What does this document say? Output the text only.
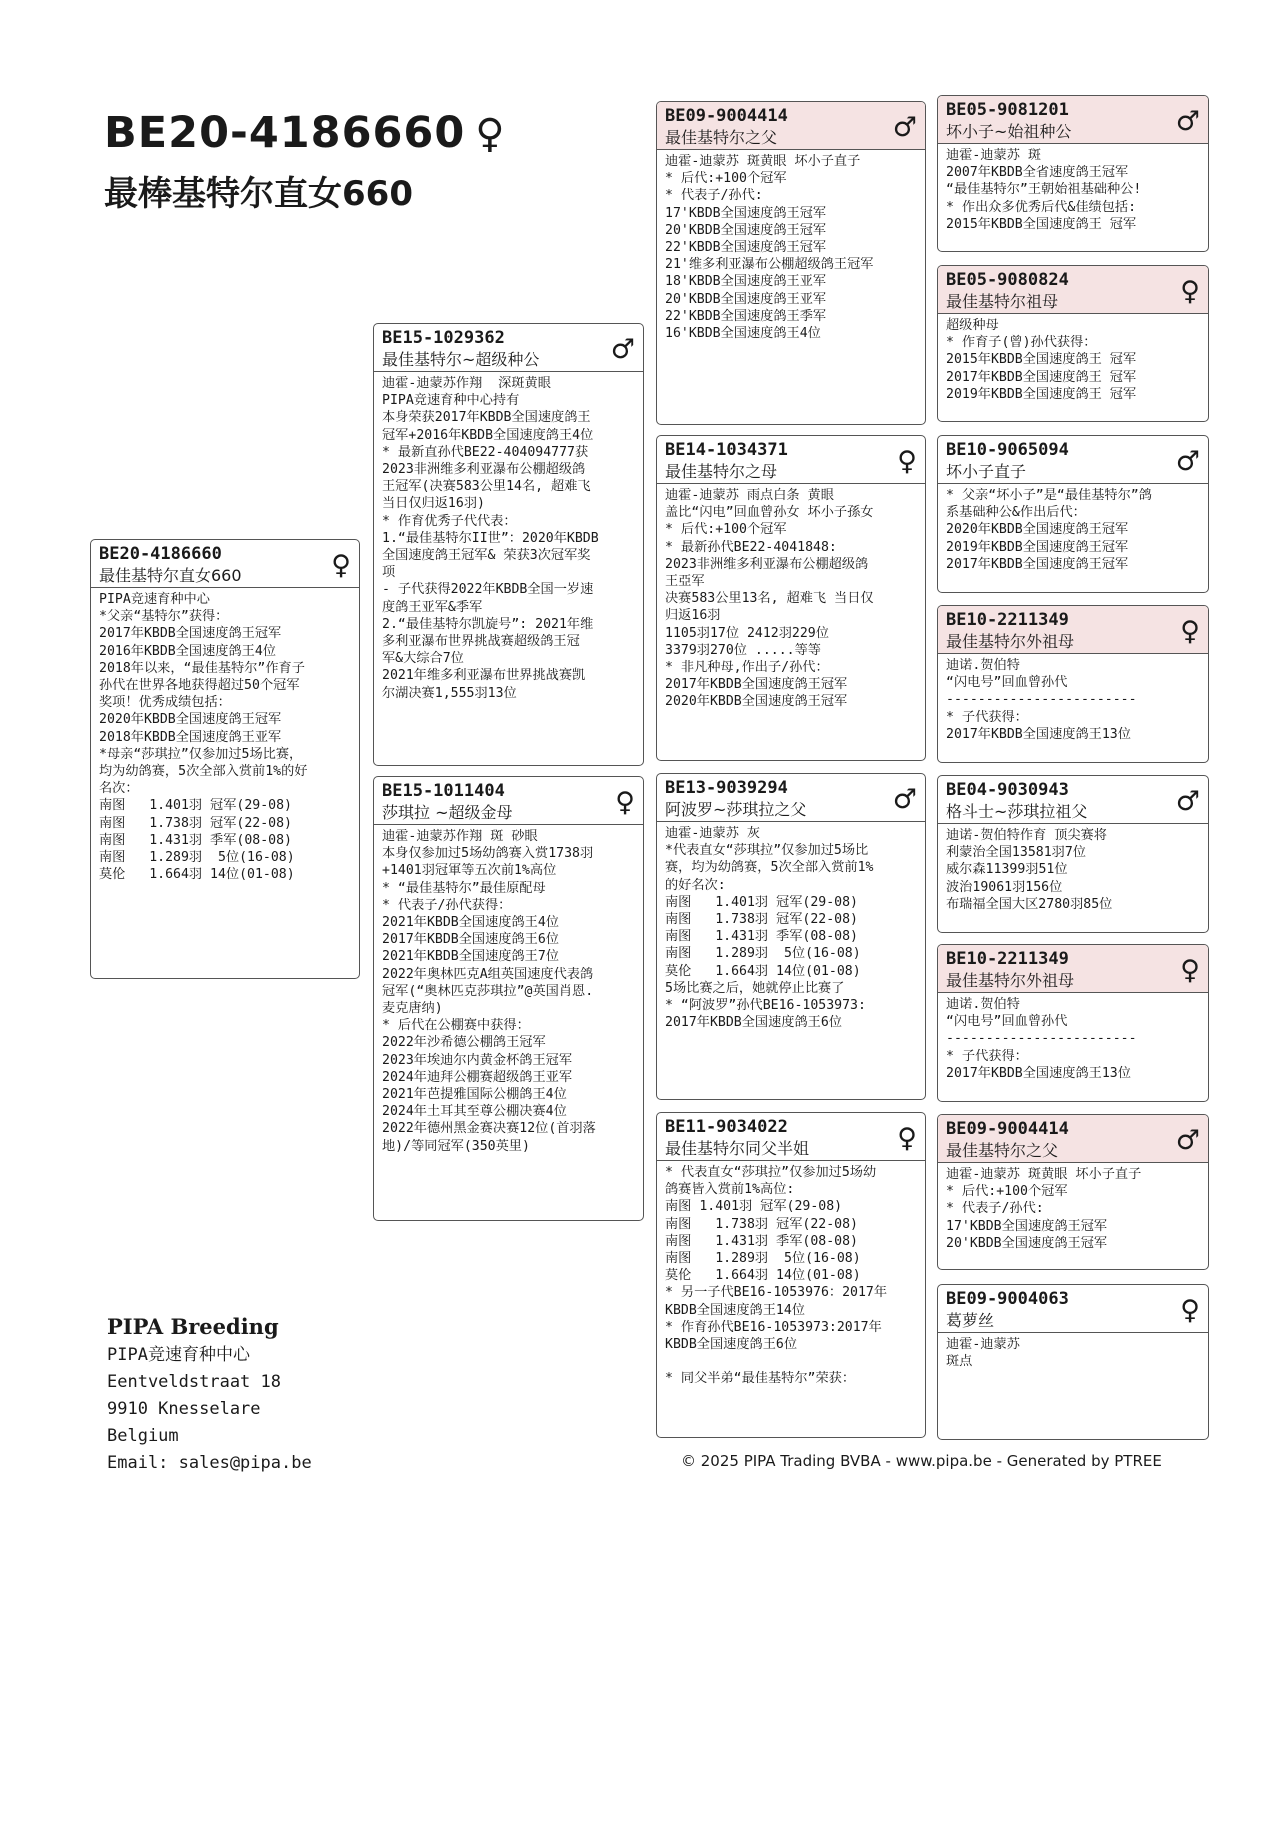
BE20-4186660 ♀
最棒基特尔直女660
BE20-4186660
最佳基特尔直女660	♀
PIPA竞速育种中心
*父亲“基特尔”获得：
2017年KBDB全国速度鸽王冠军
2016年KBDB全国速度鸽王4位
2018年以来，“最佳基特尔”作育子
孙代在世界各地获得超过50个冠军
奖项！优秀成绩包括：
2020年KBDB全国速度鸽王冠军
2018年KBDB全国速度鸽王亚军
*母亲“莎琪拉”仅参加过5场比赛，
均为幼鸽赛，5次全部入赏前1%的好
名次：
南图   1.401羽 冠军(29-08)
南图   1.738羽 冠军(22-08)
南图   1.431羽 季军(08-08)
南图   1.289羽  5位(16-08)
莫伦   1.664羽 14位(01-08)
BE15-1029362
最佳基特尔~超级种公	♂
迪霍-迪蒙苏作翔  深斑黄眼
PIPA竞速育种中心持有
本身荣获2017年KBDB全国速度鸽王
冠军+2016年KBDB全国速度鸽王4位
* 最新直孙代BE22-404094777获
2023非洲维多利亚瀑布公棚超级鸽
王冠军(决赛583公里14名, 超难飞
当日仅归返16羽)
* 作育优秀子代代表：
1.“最佳基特尔II世”：2020年KBDB
全国速度鸽王冠军& 荣获3次冠军奖
项
- 子代获得2022年KBDB全国一岁速
度鸽王亚军&季军
2.“最佳基特尔凯旋号”: 2021年维
多利亚瀑布世界挑战赛超级鸽王冠
军&大综合7位
2021年维多利亚瀑布世界挑战赛凯
尔湖决赛1,555羽13位
BE15-1011404
莎琪拉 ~超级金母	♀
迪霍-迪蒙苏作翔 斑 砂眼
本身仅参加过5场幼鸽赛入赏1738羽
+1401羽冠軍等五次前1%高位
* “最佳基特尔”最佳原配母
* 代表子/孙代获得：
2021年KBDB全国速度鸽王4位
2017年KBDB全国速度鸽王6位
2021年KBDB全国速度鸽王7位
2022年奥林匹克A组英国速度代表鸽
冠军(“奥林匹克莎琪拉”@英国肖恩.
麦克唐纳)
* 后代在公棚赛中获得：
2022年沙希德公棚鸽王冠军
2023年埃迪尔内黄金杯鸽王冠军
2024年迪拜公棚赛超级鸽王亚军
2021年芭提雅国际公棚鸽王4位
2024年土耳其至尊公棚决赛4位
2022年德州黑金赛决赛12位(首羽落
地)/等同冠军(350英里)
BE09-9004414
最佳基特尔之父	♂
迪霍-迪蒙苏 斑黄眼 坏小子直子
* 后代:+100个冠军
* 代表子/孙代:
17'KBDB全国速度鸽王冠军
20'KBDB全国速度鸽王冠军
22'KBDB全国速度鸽王冠军
21'维多利亚瀑布公棚超级鸽王冠军
18'KBDB全国速度鸽王亚军
20'KBDB全国速度鸽王亚军
22'KBDB全国速度鸽王季军
16'KBDB全国速度鸽王4位
BE14-1034371
最佳基特尔之母	♀
迪霍-迪蒙苏 雨点白条 黄眼
盖比“闪电”回血曾孙女 坏小子孫女
* 后代:+100个冠军
* 最新孙代BE22-4041848:
2023非洲维多利亚瀑布公棚超级鸽
王亞军
决赛583公里13名, 超难飞 当日仅
归返16羽
1105羽17位 2412羽229位
3379羽270位 .....等等
* 非凡种母,作出子/孙代：
2017年KBDB全国速度鸽王冠军
2020年KBDB全国速度鸽王冠军
BE13-9039294
阿波罗~莎琪拉之父	♂
迪霍-迪蒙苏 灰
*代表直女“莎琪拉”仅参加过5场比
赛，均为幼鸽赛，5次全部入赏前1%
的好名次:
南图   1.401羽 冠军(29-08)
南图   1.738羽 冠军(22-08)
南图   1.431羽 季军(08-08)
南图   1.289羽  5位(16-08)
莫伦   1.664羽 14位(01-08)
5场比赛之后，她就停止比赛了
* “阿波罗”孙代BE16-1053973:
2017年KBDB全国速度鸽王6位
BE11-9034022
最佳基特尔同父半姐	♀
* 代表直女“莎琪拉”仅参加过5场幼
鸽赛皆入赏前1%高位:
南图 1.401羽 冠军(29-08)
南图   1.738羽 冠军(22-08)
南图   1.431羽 季军(08-08)
南图   1.289羽  5位(16-08)
莫伦   1.664羽 14位(01-08)
* 另一子代BE16-1053976：2017年
KBDB全国速度鸽王14位
* 作育孙代BE16-1053973:2017年
KBDB全国速度鸽王6位

* 同父半弟“最佳基特尔”荣获：
BE05-9081201
坏小子~始祖种公	♂
迪霍-迪蒙苏 斑
2007年KBDB全省速度鸽王冠军
“最佳基特尔”王朝始祖基础种公!
* 作出众多优秀后代&佳绩包括:
2015年KBDB全国速度鸽王 冠军
BE05-9080824
最佳基特尔祖母	♀
超级种母
* 作育子(曾)孙代获得：
2015年KBDB全国速度鸽王 冠军
2017年KBDB全国速度鸽王 冠军
2019年KBDB全国速度鸽王 冠军
BE10-9065094
坏小子直子	♂
* 父亲“坏小子”是“最佳基特尔”鸽
系基础种公&作出后代：
2020年KBDB全国速度鸽王冠军
2019年KBDB全国速度鸽王冠军
2017年KBDB全国速度鸽王冠军
BE10-2211349
最佳基特尔外祖母	♀
迪诺.贺伯特
“闪电号”回血曾孙代
------------------------
* 子代获得：
2017年KBDB全国速度鸽王13位
BE04-9030943
格斗士~莎琪拉祖父	♂
迪诺-贺伯特作育 顶尖赛将
利蒙治全国13581羽7位
威尔森11399羽51位
波治19061羽156位
布瑞福全国大区2780羽85位
BE10-2211349
最佳基特尔外祖母	♀
迪诺.贺伯特
“闪电号”回血曾孙代
------------------------
* 子代获得：
2017年KBDB全国速度鸽王13位
BE09-9004414
最佳基特尔之父	♂
迪霍-迪蒙苏 斑黄眼 坏小子直子
* 后代:+100个冠军
* 代表子/孙代:
17'KBDB全国速度鸽王冠军
20'KBDB全国速度鸽王冠军
BE09-9004063
葛萝丝	♀
迪霍-迪蒙苏
斑点
PIPA Breeding
PIPA竞速育种中心
Eentveldstraat 18
9910 Knesselare
Belgium
Email: sales@pipa.be	© 2025 PIPA Trading BVBA - www.pipa.be - Generated by PTREE
